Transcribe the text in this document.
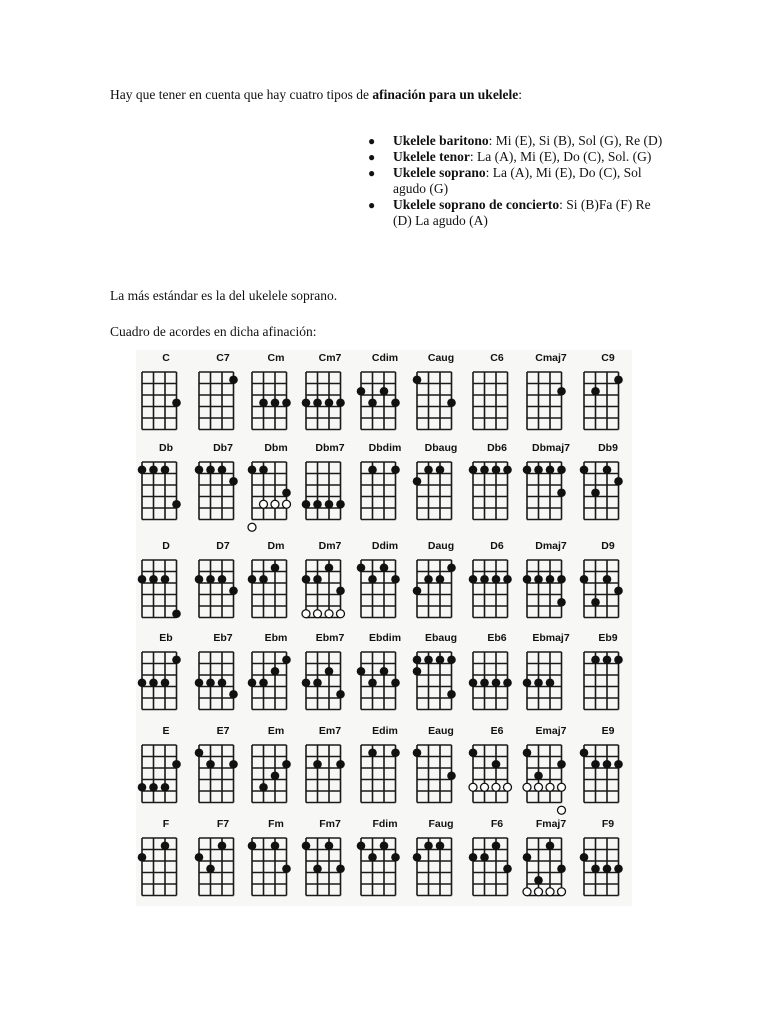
Hay que tener en cuenta que hay cuatro tipos de afinación para un ukelele:

● Ukelele baritono: Mi (E), Si (B), Sol (G), Re (D)
● Ukelele tenor: La (A), Mi (E), Do (C), Sol. (G)
● Ukelele soprano: La (A), Mi (E), Do (C), Sol agudo (G)
● Ukelele soprano de concierto: Si (B)Fa (F) Re (D) La agudo (A)

La más estándar es la del ukelele soprano.

Cuadro de acordes en dicha afinación:

C	C7	Cm	Cm7	Cdim	Caug	C6	Cmaj7	C9
Db	Db7	Dbm	Dbm7	Dbdim	Dbaug	Db6	Dbmaj7	Db9
D	D7	Dm	Dm7	Ddim	Daug	D6	Dmaj7	D9
Eb	Eb7	Ebm	Ebm7	Ebdim	Ebaug	Eb6	Ebmaj7	Eb9
E	E7	Em	Em7	Edim	Eaug	E6	Emaj7	E9
F	F7	Fm	Fm7	Fdim	Faug	F6	Fmaj7	F9
